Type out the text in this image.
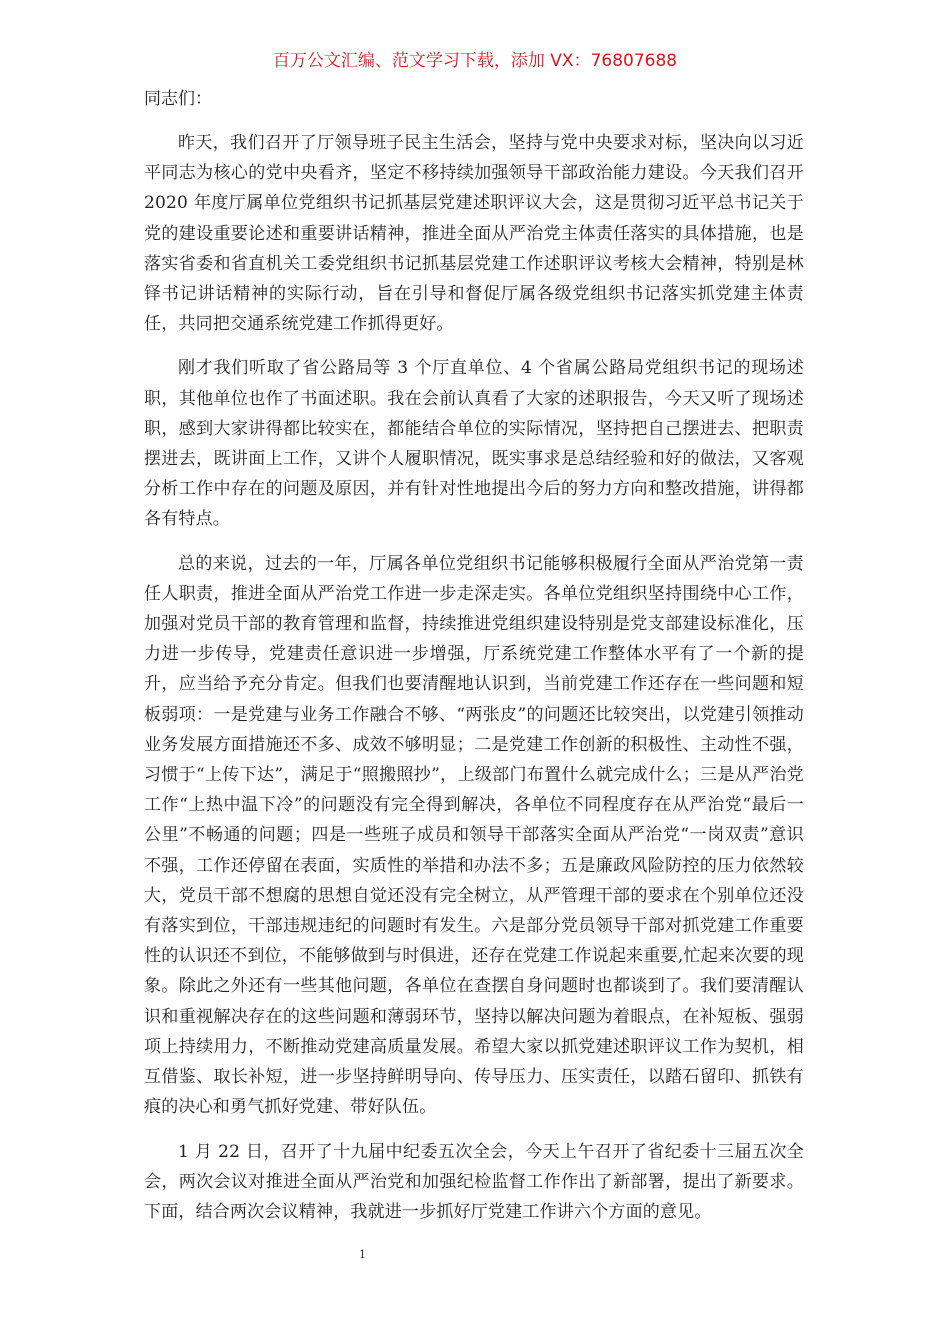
百万公文汇编、范文学习下载，添加 VX：76807688

同志们：

昨天，我们召开了厅领导班子民主生活会，坚持与党中央要求对标，坚决向以习近平同志为核心的党中央看齐，坚定不移持续加强领导干部政治能力建设。今天我们召开 2020 年度厅属单位党组织书记抓基层党建述职评议大会，这是贯彻习近平总书记关于党的建设重要论述和重要讲话精神，推进全面从严治党主体责任落实的具体措施，也是落实省委和省直机关工委党组织书记抓基层党建工作述职评议考核大会精神，特别是林铎书记讲话精神的实际行动，旨在引导和督促厅属各级党组织书记落实抓党建主体责任，共同把交通系统党建工作抓得更好。

刚才我们听取了省公路局等 3 个厅直单位、4 个省属公路局党组织书记的现场述职，其他单位也作了书面述职。我在会前认真看了大家的述职报告，今天又听了现场述职，感到大家讲得都比较实在，都能结合单位的实际情况，坚持把自己摆进去、把职责摆进去，既讲面上工作，又讲个人履职情况，既实事求是总结经验和好的做法，又客观分析工作中存在的问题及原因，并有针对性地提出今后的努力方向和整改措施，讲得都各有特点。

总的来说，过去的一年，厅属各单位党组织书记能够积极履行全面从严治党第一责任人职责，推进全面从严治党工作进一步走深走实。各单位党组织坚持围绕中心工作，加强对党员干部的教育管理和监督，持续推进党组织建设特别是党支部建设标准化，压力进一步传导，党建责任意识进一步增强，厅系统党建工作整体水平有了一个新的提升，应当给予充分肯定。但我们也要清醒地认识到，当前党建工作还存在一些问题和短板弱项：一是党建与业务工作融合不够、“两张皮”的问题还比较突出，以党建引领推动业务发展方面措施还不多、成效不够明显；二是党建工作创新的积极性、主动性不强，习惯于“上传下达”，满足于“照搬照抄”，上级部门布置什么就完成什么；三是从严治党工作“上热中温下冷”的问题没有完全得到解决，各单位不同程度存在从严治党“最后一公里”不畅通的问题；四是一些班子成员和领导干部落实全面从严治党“一岗双责”意识不强，工作还停留在表面，实质性的举措和办法不多；五是廉政风险防控的压力依然较大，党员干部不想腐的思想自觉还没有完全树立，从严管理干部的要求在个别单位还没有落实到位，干部违规违纪的问题时有发生。六是部分党员领导干部对抓党建工作重要性的认识还不到位，不能够做到与时俱进，还存在党建工作说起来重要,忙起来次要的现象。除此之外还有一些其他问题，各单位在查摆自身问题时也都谈到了。我们要清醒认识和重视解决存在的这些问题和薄弱环节，坚持以解决问题为着眼点，在补短板、强弱项上持续用力，不断推动党建高质量发展。希望大家以抓党建述职评议工作为契机，相互借鉴、取长补短，进一步坚持鲜明导向、传导压力、压实责任，以踏石留印、抓铁有痕的决心和勇气抓好党建、带好队伍。

1 月 22 日，召开了十九届中纪委五次全会，今天上午召开了省纪委十三届五次全会，两次会议对推进全面从严治党和加强纪检监督工作作出了新部署，提出了新要求。下面，结合两次会议精神，我就进一步抓好厅党建工作讲六个方面的意见。

1
